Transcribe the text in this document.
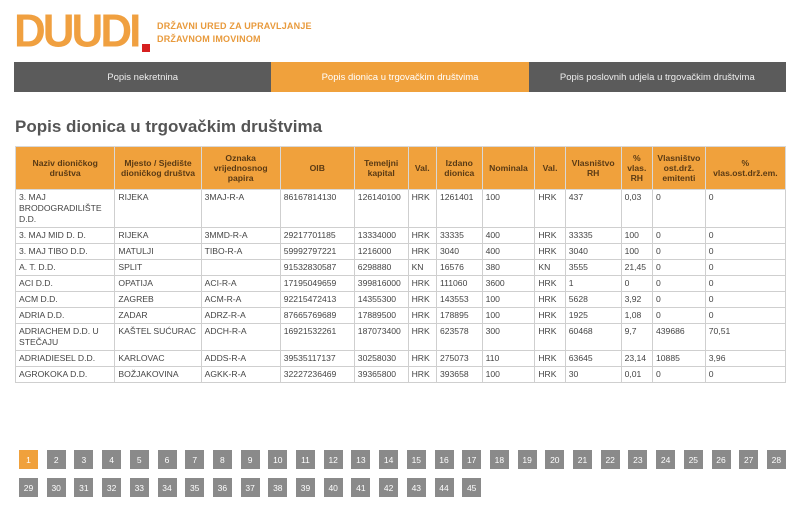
DUUDI DRŽAVNI URED ZA UPRAVLJANJE
DRŽAVNOM IMOVINOM
Popis nekretnina	Popis dionica u trgovačkim društvima	Popis poslovnih udjela u trgovačkim društvima
Popis dionica u trgovačkim društvima
Naziv dioničkog društva	Mjesto / Sjedište dioničkog društva	Oznaka vrijednosnog papira	OIB	Temeljni kapital	Val.	Izdano dionica	Nominala	Val.	Vlasništvo RH	% vlas. RH	Vlasništvo ost.drž. emitenti	% vlas.ost.drž.em.
3. MAJ BRODOGRADILIŠTE D.D.	RIJEKA	3MAJ-R-A	86167814130	126140100	HRK	1261401	100	HRK	437	0,03	0	0
3. MAJ MID D. D.	RIJEKA	3MMD-R-A	29217701185	13334000	HRK	33335	400	HRK	33335	100	0	0
3. MAJ TIBO D.D.	MATULJI	TIBO-R-A	59992797221	1216000	HRK	3040	400	HRK	3040	100	0	0
A. T. D.D.	SPLIT		91532830587	6298880	KN	16576	380	KN	3555	21,45	0	0
ACI D.D.	OPATIJA	ACI-R-A	17195049659	399816000	HRK	111060	3600	HRK	1	0	0	0
ACM D.D.	ZAGREB	ACM-R-A	92215472413	14355300	HRK	143553	100	HRK	5628	3,92	0	0
ADRIA D.D.	ZADAR	ADRZ-R-A	87665769689	17889500	HRK	178895	100	HRK	1925	1,08	0	0
ADRIACHEM D.D. U STEČAJU	KAŠTEL SUĆURAC	ADCH-R-A	16921532261	187073400	HRK	623578	300	HRK	60468	9,7	439686	70,51
ADRIADIESEL D.D.	KARLOVAC	ADDS-R-A	39535117137	30258030	HRK	275073	110	HRK	63645	23,14	10885	3,96
AGROKOKA D.D.	BOŽJAKOVINA	AGKK-R-A	32227236469	39365800	HRK	393658	100	HRK	30	0,01	0	0
1	2	3	4	5	6	7	8	9	10	11	12	13	14	15	16	17	18	19	20	21	22	23	24	25	26	27	28
29	30	31	32	33	34	35	36	37	38	39	40	41	42	43	44	45
